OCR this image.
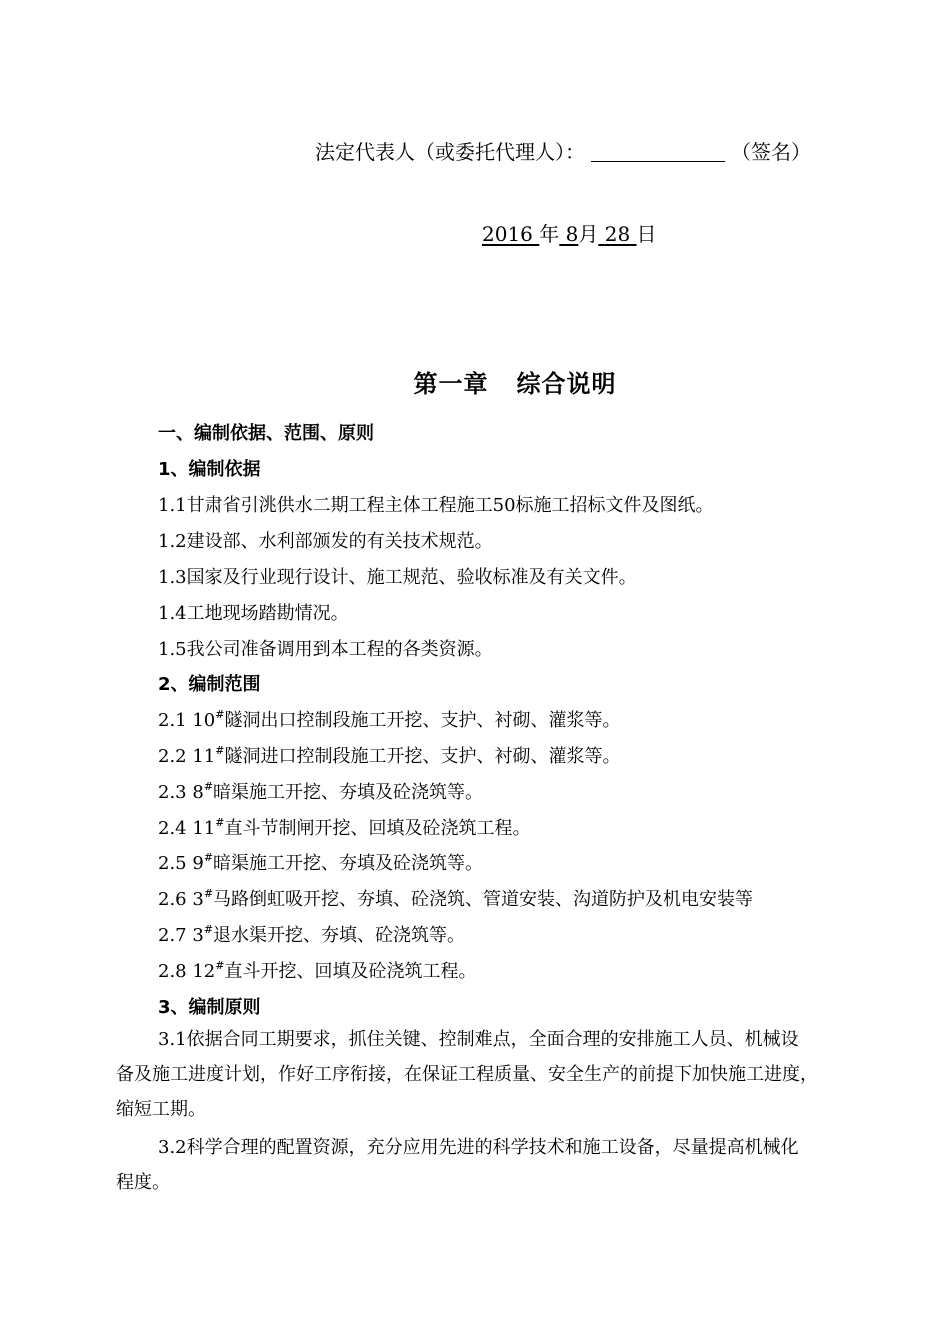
法定代表人（或委托代理人）：	（签名）
2016 年 8月 28 日
第一章 综合说明
一、编制依据、范围、原则
1、编制依据
1.1甘肃省引洮供水二期工程主体工程施工50标施工招标文件及图纸。
1.2建设部、水利部颁发的有关技术规范。
1.3国家及行业现行设计、施工规范、验收标准及有关文件。
1.4工地现场踏勘情况。
1.5我公司准备调用到本工程的各类资源。
2、编制范围
2.1 10#隧洞出口控制段施工开挖、支护、衬砌、灌浆等。
2.2 11#隧洞进口控制段施工开挖、支护、衬砌、灌浆等。
2.3 8#暗渠施工开挖、夯填及砼浇筑等。
2.4 11#直斗节制闸开挖、回填及砼浇筑工程。
2.5 9#暗渠施工开挖、夯填及砼浇筑等。
2.6 3#马路倒虹吸开挖、夯填、砼浇筑、管道安装、沟道防护及机电安装等
2.7 3#退水渠开挖、夯填、砼浇筑等。
2.8 12#直斗开挖、回填及砼浇筑工程。
3、编制原则
3.1依据合同工期要求，抓住关键、控制难点，全面合理的安排施工人员、机械设
备及施工进度计划，作好工序衔接，在保证工程质量、安全生产的前提下加快施工进度，
缩短工期。
3.2科学合理的配置资源，充分应用先进的科学技术和施工设备，尽量提高机械化
程度。
